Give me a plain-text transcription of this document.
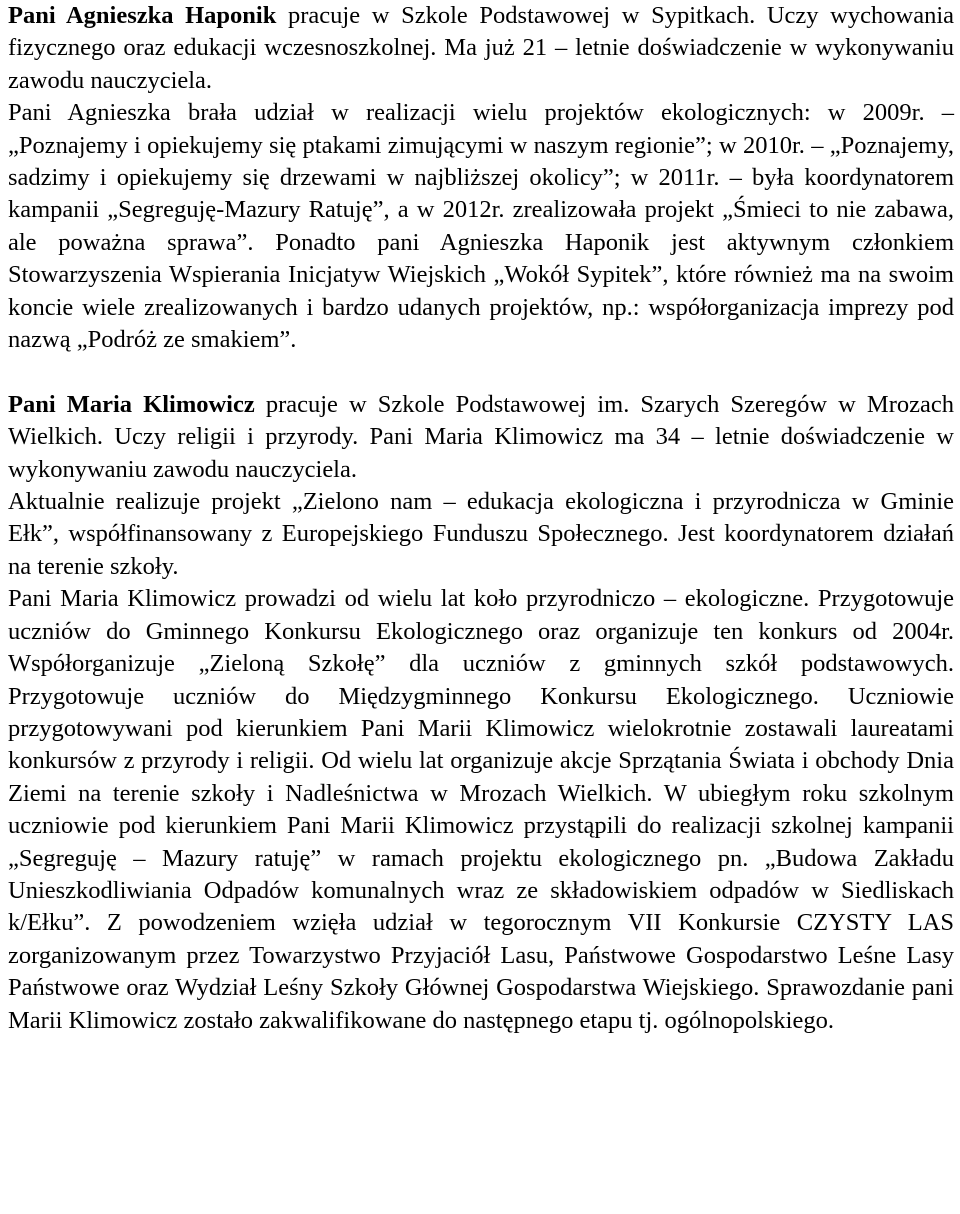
Pani Agnieszka Haponik pracuje w Szkole Podstawowej w Sypitkach. Uczy wychowania fizycznego oraz edukacji wczesnoszkolnej. Ma już 21 – letnie doświadczenie w wykonywaniu zawodu nauczyciela.

Pani Agnieszka brała udział w realizacji wielu projektów ekologicznych: w 2009r. – „Poznajemy i opiekujemy się ptakami zimującymi w naszym regionie”; w 2010r. – „Poznajemy, sadzimy i opiekujemy się drzewami w najbliższej okolicy”; w 2011r. – była koordynatorem kampanii „Segreguję-Mazury Ratuję”, a w 2012r. zrealizowała projekt „Śmieci to nie zabawa, ale poważna sprawa”. Ponadto pani Agnieszka Haponik jest aktywnym członkiem Stowarzyszenia Wspierania Inicjatyw Wiejskich „Wokół Sypitek”, które również ma na swoim koncie wiele zrealizowanych i bardzo udanych projektów, np.: współorganizacja imprezy pod nazwą „Podróż ze smakiem”.

Pani Maria Klimowicz pracuje w Szkole Podstawowej im. Szarych Szeregów w Mrozach Wielkich. Uczy religii i przyrody. Pani Maria Klimowicz ma 34 – letnie doświadczenie w wykonywaniu zawodu nauczyciela.

Aktualnie realizuje projekt „Zielono nam – edukacja ekologiczna i przyrodnicza w Gminie Ełk”, współfinansowany z Europejskiego Funduszu Społecznego. Jest koordynatorem działań na terenie szkoły.

Pani Maria Klimowicz prowadzi od wielu lat koło przyrodniczo – ekologiczne. Przygotowuje uczniów do Gminnego Konkursu Ekologicznego oraz organizuje ten konkurs od 2004r. Współorganizuje „Zieloną Szkołę” dla uczniów z gminnych szkół podstawowych. Przygotowuje uczniów do Międzygminnego Konkursu Ekologicznego. Uczniowie przygotowywani pod kierunkiem Pani Marii Klimowicz wielokrotnie zostawali laureatami konkursów z przyrody i religii. Od wielu lat organizuje akcje Sprzątania Świata i obchody Dnia Ziemi na terenie szkoły i Nadleśnictwa w Mrozach Wielkich. W ubiegłym roku szkolnym uczniowie pod kierunkiem Pani Marii Klimowicz przystąpili do realizacji szkolnej kampanii „Segreguję – Mazury ratuję” w ramach projektu ekologicznego pn. „Budowa Zakładu Unieszkodliwiania Odpadów komunalnych wraz ze składowiskiem odpadów w Siedliskach k/Ełku”. Z powodzeniem wzięła udział w tegorocznym VII Konkursie CZYSTY LAS zorganizowanym przez Towarzystwo Przyjaciół Lasu, Państwowe Gospodarstwo Leśne Lasy Państwowe oraz Wydział Leśny Szkoły Głównej Gospodarstwa Wiejskiego. Sprawozdanie pani Marii Klimowicz zostało zakwalifikowane do następnego etapu tj. ogólnopolskiego.
